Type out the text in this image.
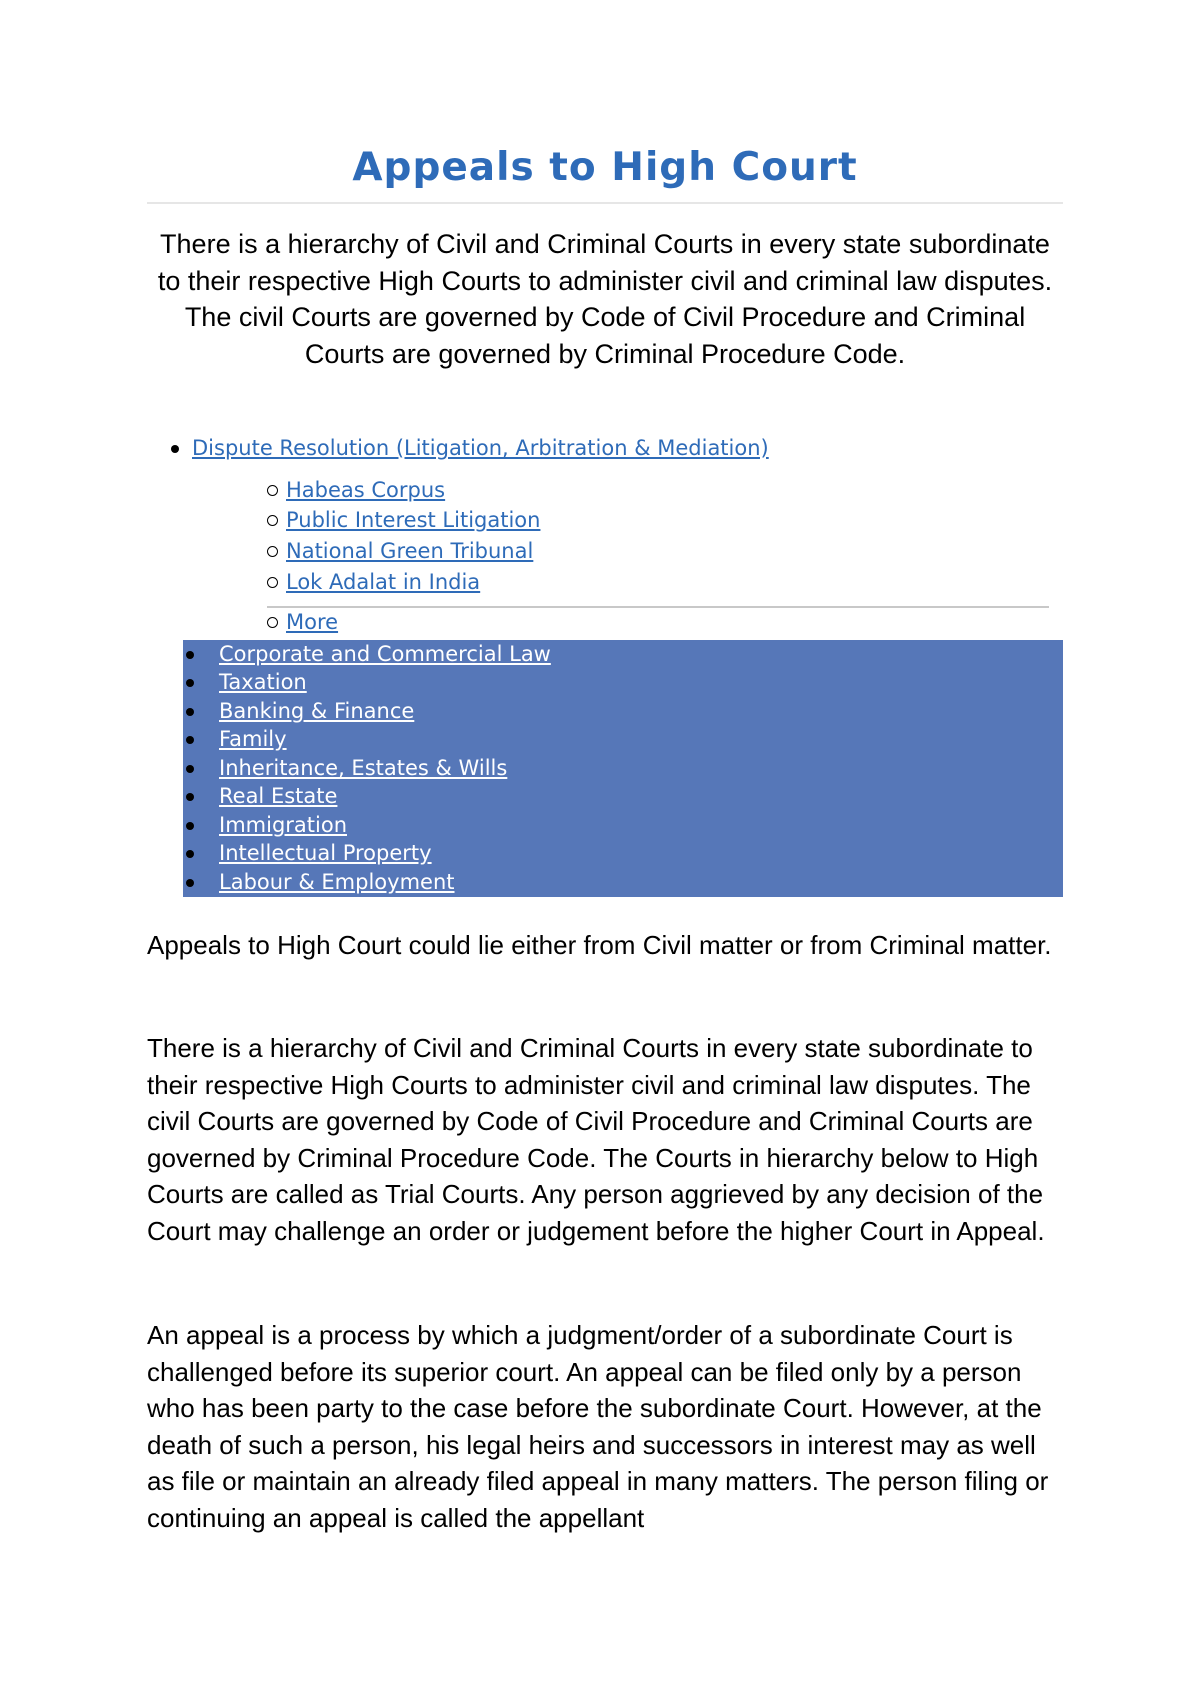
Appeals to High Court

There is a hierarchy of Civil and Criminal Courts in every state subordinate to their respective High Courts to administer civil and criminal law disputes. The civil Courts are governed by Code of Civil Procedure and Criminal Courts are governed by Criminal Procedure Code.

Dispute Resolution (Litigation, Arbitration & Mediation)
Habeas Corpus
Public Interest Litigation
National Green Tribunal
Lok Adalat in India
More
Corporate and Commercial Law
Taxation
Banking & Finance
Family
Inheritance, Estates & Wills
Real Estate
Immigration
Intellectual Property
Labour & Employment

Appeals to High Court could lie either from Civil matter or from Criminal matter.

There is a hierarchy of Civil and Criminal Courts in every state subordinate to their respective High Courts to administer civil and criminal law disputes. The civil Courts are governed by Code of Civil Procedure and Criminal Courts are governed by Criminal Procedure Code. The Courts in hierarchy below to High Courts are called as Trial Courts. Any person aggrieved by any decision of the Court may challenge an order or judgement before the higher Court in Appeal.

An appeal is a process by which a judgment/order of a subordinate Court is challenged before its superior court. An appeal can be filed only by a person who has been party to the case before the subordinate Court. However, at the death of such a person, his legal heirs and successors in interest may as well as file or maintain an already filed appeal in many matters. The person filing or continuing an appeal is called the appellant
